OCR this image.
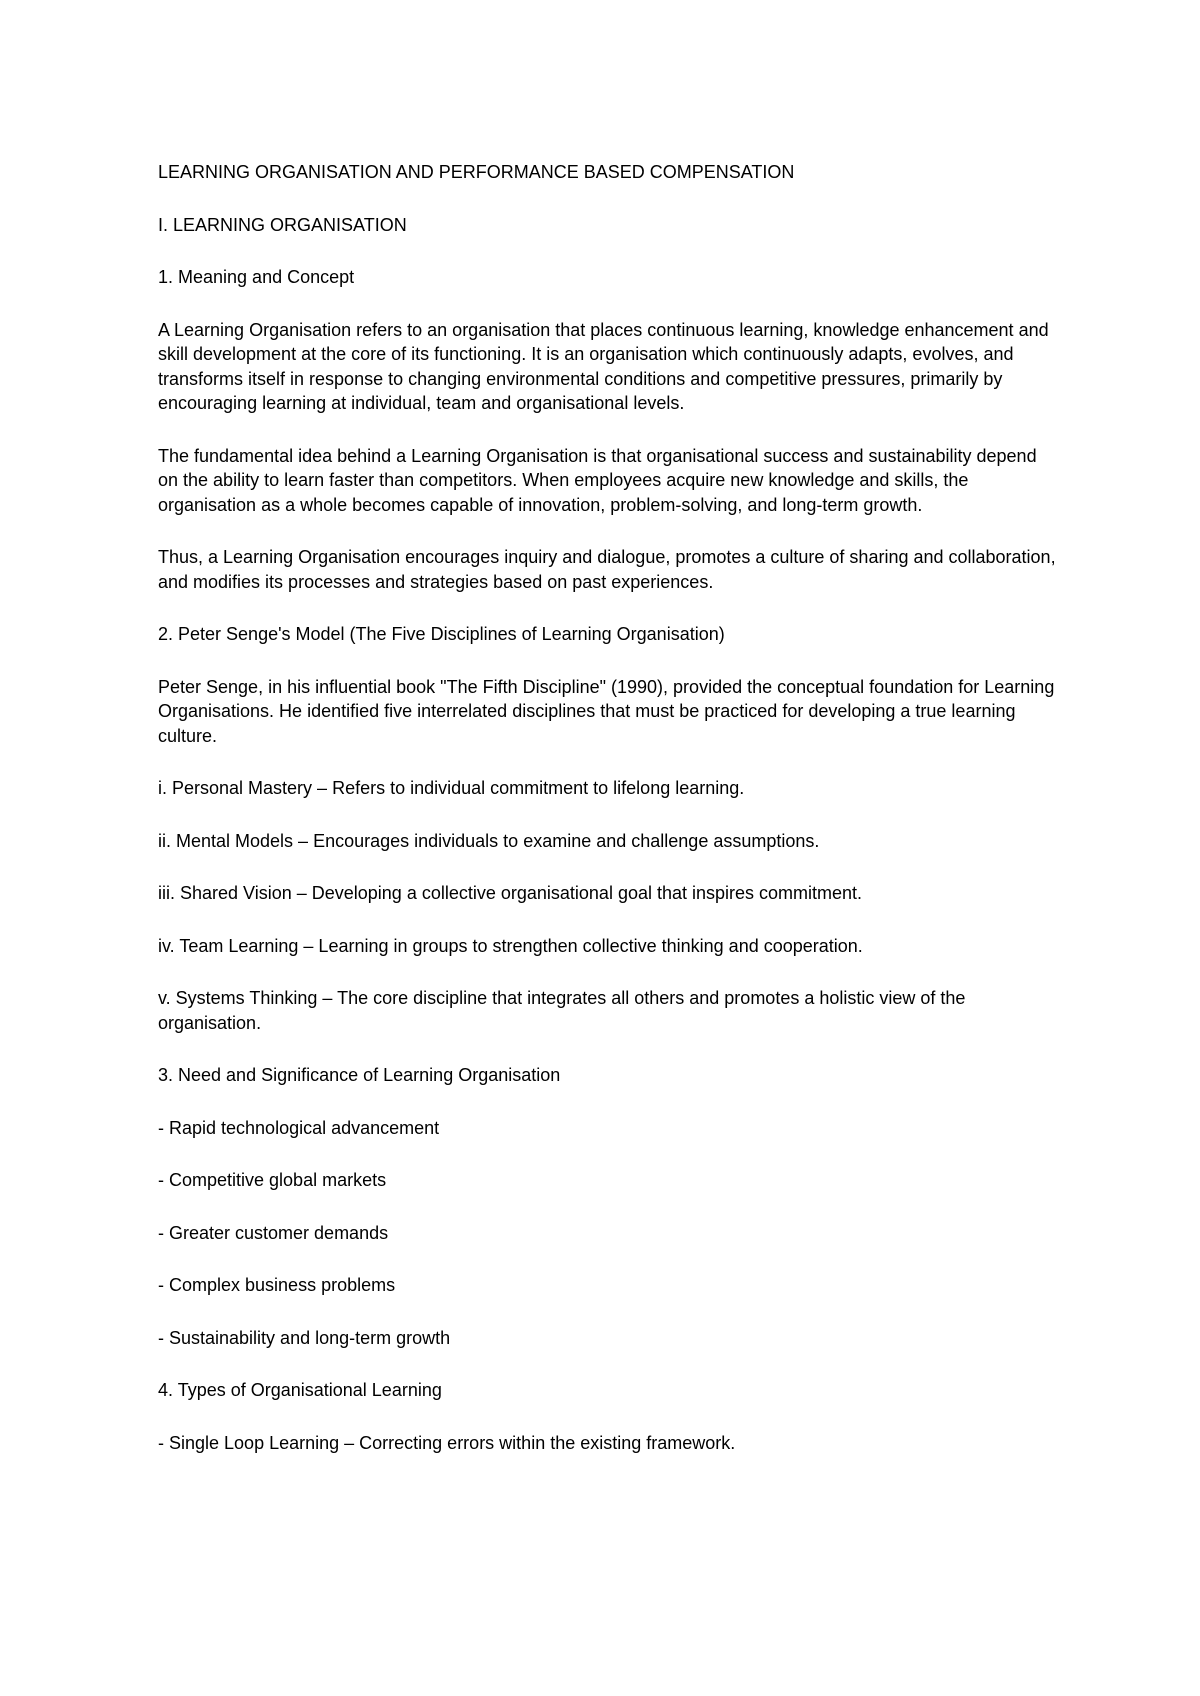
LEARNING ORGANISATION AND PERFORMANCE BASED COMPENSATION

I. LEARNING ORGANISATION

1. Meaning and Concept

A Learning Organisation refers to an organisation that places continuous learning, knowledge enhancement and skill development at the core of its functioning. It is an organisation which continuously adapts, evolves, and transforms itself in response to changing environmental conditions and competitive pressures, primarily by encouraging learning at individual, team and organisational levels.

The fundamental idea behind a Learning Organisation is that organisational success and sustainability depend on the ability to learn faster than competitors. When employees acquire new knowledge and skills, the organisation as a whole becomes capable of innovation, problem-solving, and long-term growth.

Thus, a Learning Organisation encourages inquiry and dialogue, promotes a culture of sharing and collaboration, and modifies its processes and strategies based on past experiences.

2. Peter Senge's Model (The Five Disciplines of Learning Organisation)

Peter Senge, in his influential book "The Fifth Discipline" (1990), provided the conceptual foundation for Learning Organisations. He identified five interrelated disciplines that must be practiced for developing a true learning culture.

i. Personal Mastery – Refers to individual commitment to lifelong learning.

ii. Mental Models – Encourages individuals to examine and challenge assumptions.

iii. Shared Vision – Developing a collective organisational goal that inspires commitment.

iv. Team Learning – Learning in groups to strengthen collective thinking and cooperation.

v. Systems Thinking – The core discipline that integrates all others and promotes a holistic view of the organisation.

3. Need and Significance of Learning Organisation

- Rapid technological advancement

- Competitive global markets

- Greater customer demands

- Complex business problems

- Sustainability and long-term growth

4. Types of Organisational Learning

- Single Loop Learning – Correcting errors within the existing framework.
